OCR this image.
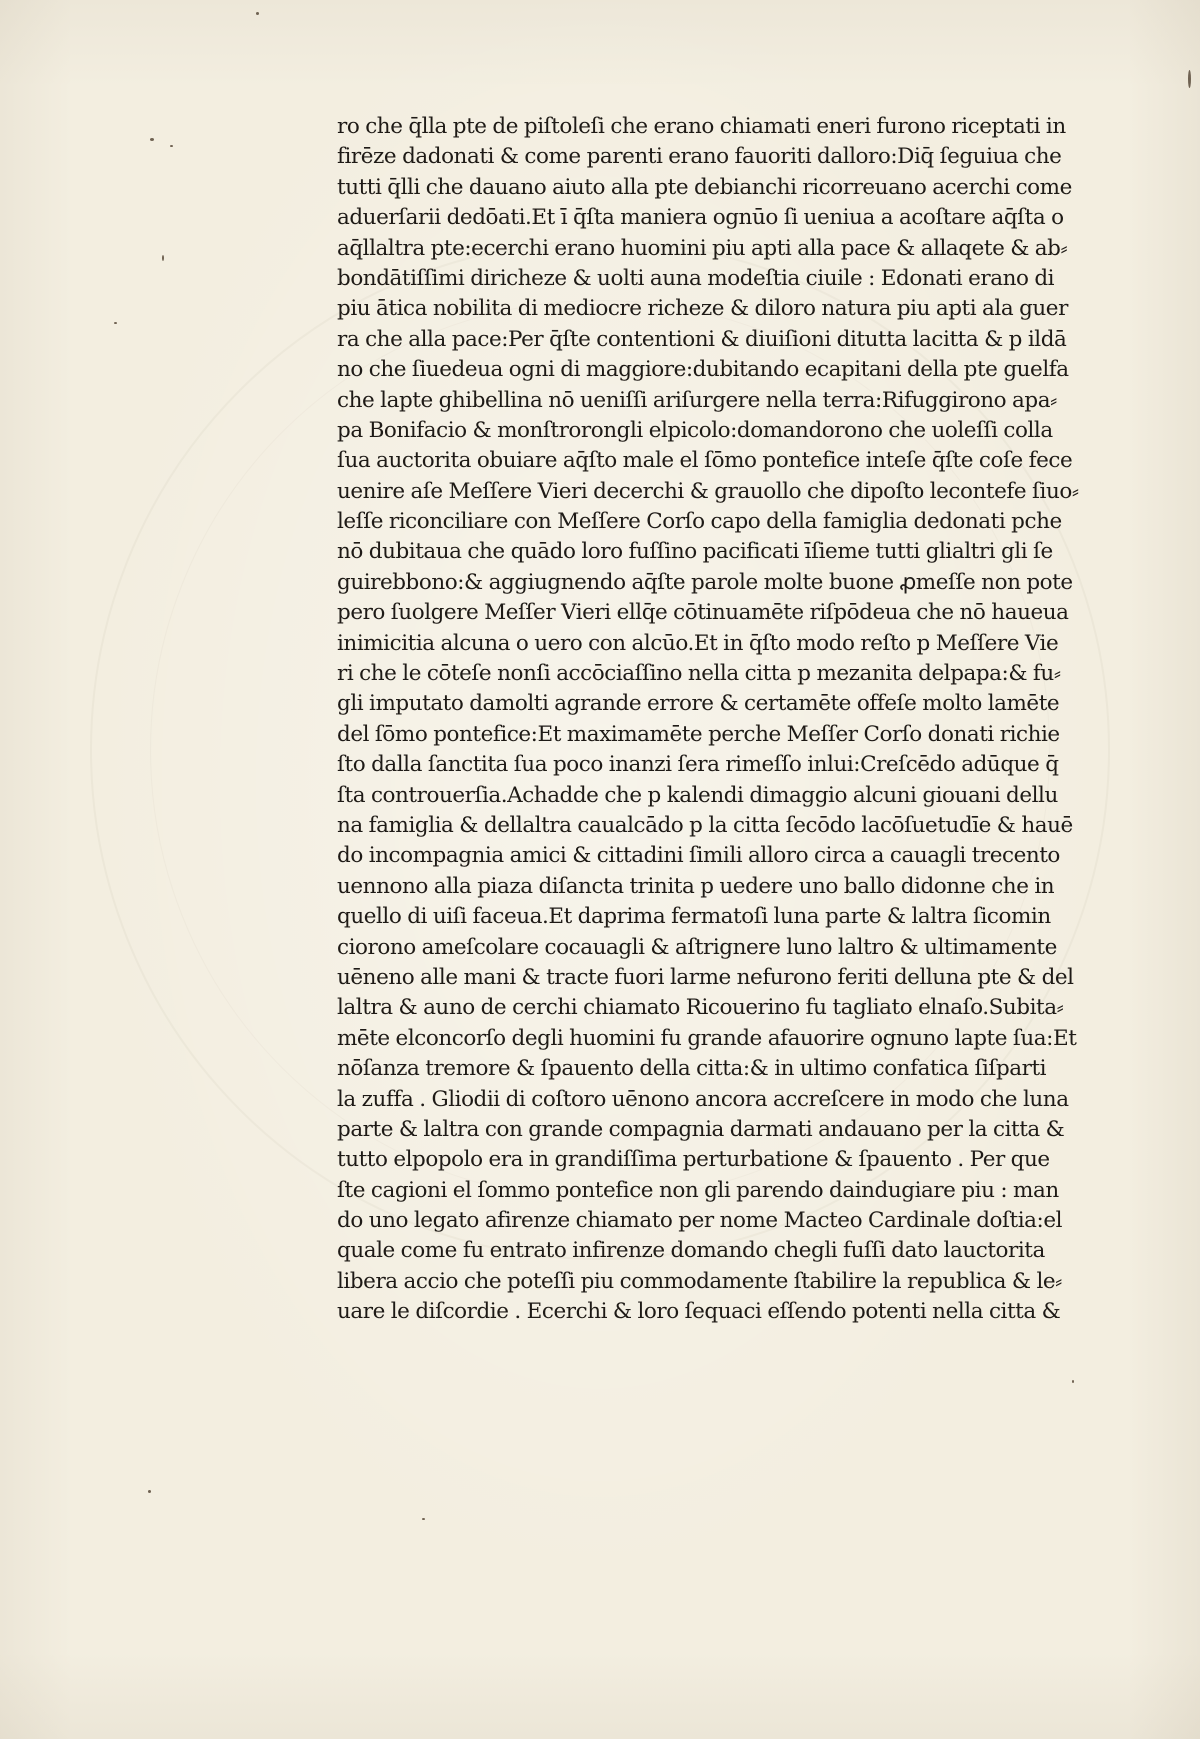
ro che q̄lla pte de piſtoleſi che erano chiamati eneri furono riceptati in
firēze dadonati & come parenti erano fauoriti dalloro:Diq̄ ſeguiua che
tutti q̄lli che dauano aiuto alla pte debianchi ricorreuano acerchi come
aduerſarii dedōati.Et ī q̄ſta maniera ognūo ſi ueniua a acoſtare aq̄ſta o
aq̄llaltra pte:ecerchi erano huomini piu apti alla pace & allaqete & ab⸗
bondātiſſimi diricheze & uolti auna modeſtia ciuile : Edonati erano di
piu ātica nobilita di mediocre richeze & diloro natura piu apti ala guer
ra che alla pace:Per q̄ſte contentioni & diuiſioni ditutta lacitta & p ildā
no che ſiuedeua ogni di maggiore:dubitando ecapitani della pte guelfa
che lapte ghibellina nō ueniſſi ariſurgere nella terra:Rifuggirono apa⸗
pa Bonifacio & monſtrorongli elpicolo:domandorono che uoleſſi colla
ſua auctorita obuiare aq̄ſto male el ſōmo pontefice inteſe q̄ſte coſe fece
uenire aſe Meſſere Vieri decerchi & grauollo che dipoſto lecontefe ſiuo⸗
leſſe riconciliare con Meſſere Corſo capo della famiglia dedonati pche
nō dubitaua che quādo loro fuſſino pacificati īſieme tutti glialtri gli ſe
guirebbono:& aggiugnendo aq̄ſte parole molte buone ꝓmeſſe non pote
pero ſuolgere Meſſer Vieri ellq̄e cōtinuamēte riſpōdeua che nō haueua
inimicitia alcuna o uero con alcūo.Et in q̄ſto modo reſto p Meſſere Vie
ri che le cōteſe nonſi accōciaſſino nella citta p mezanita delpapa:& fu⸗
gli imputato damolti agrande errore & certamēte offeſe molto lamēte
del ſōmo pontefice:Et maximamēte perche Meſſer Corſo donati richie
ſto dalla ſanctita ſua poco inanzi ſera rimeſſo inlui:Creſcēdo adūque q̄
ſta controuerſia.Achadde che p kalendi dimaggio alcuni giouani dellu
na famiglia & dellaltra caualcādo p la citta ſecōdo lacōſuetudīe & hauē
do incompagnia amici & cittadini ſimili alloro circa a cauagli trecento
uennono alla piaza diſancta trinita p uedere uno ballo didonne che in
quello di uiſi faceua.Et daprima fermatoſi luna parte & laltra ſicomin
ciorono ameſcolare cocauagli & aſtrignere luno laltro & ultimamente
uēneno alle mani & tracte fuori larme nefurono feriti delluna pte & del
laltra & auno de cerchi chiamato Ricouerino fu tagliato elnaſo.Subita⸗
mēte elconcorſo degli huomini fu grande afauorire ognuno lapte ſua:Et
nōſanza tremore & ſpauento della citta:& in ultimo confatica ſiſparti
la zuffa . Gliodii di coſtoro uēnono ancora accreſcere in modo che luna
parte & laltra con grande compagnia darmati andauano per la citta &
tutto elpopolo era in grandiſſima perturbatione & ſpauento . Per que
ſte cagioni el ſommo pontefice non gli parendo daindugiare piu : man
do uno legato afirenze chiamato per nome Macteo Cardinale doſtia:el
quale come fu entrato infirenze domando chegli fuſſi dato lauctorita
libera accio che poteſſi piu commodamente ſtabilire la republica & le⸗
uare le diſcordie . Ecerchi & loro ſequaci eſſendo potenti nella citta &
